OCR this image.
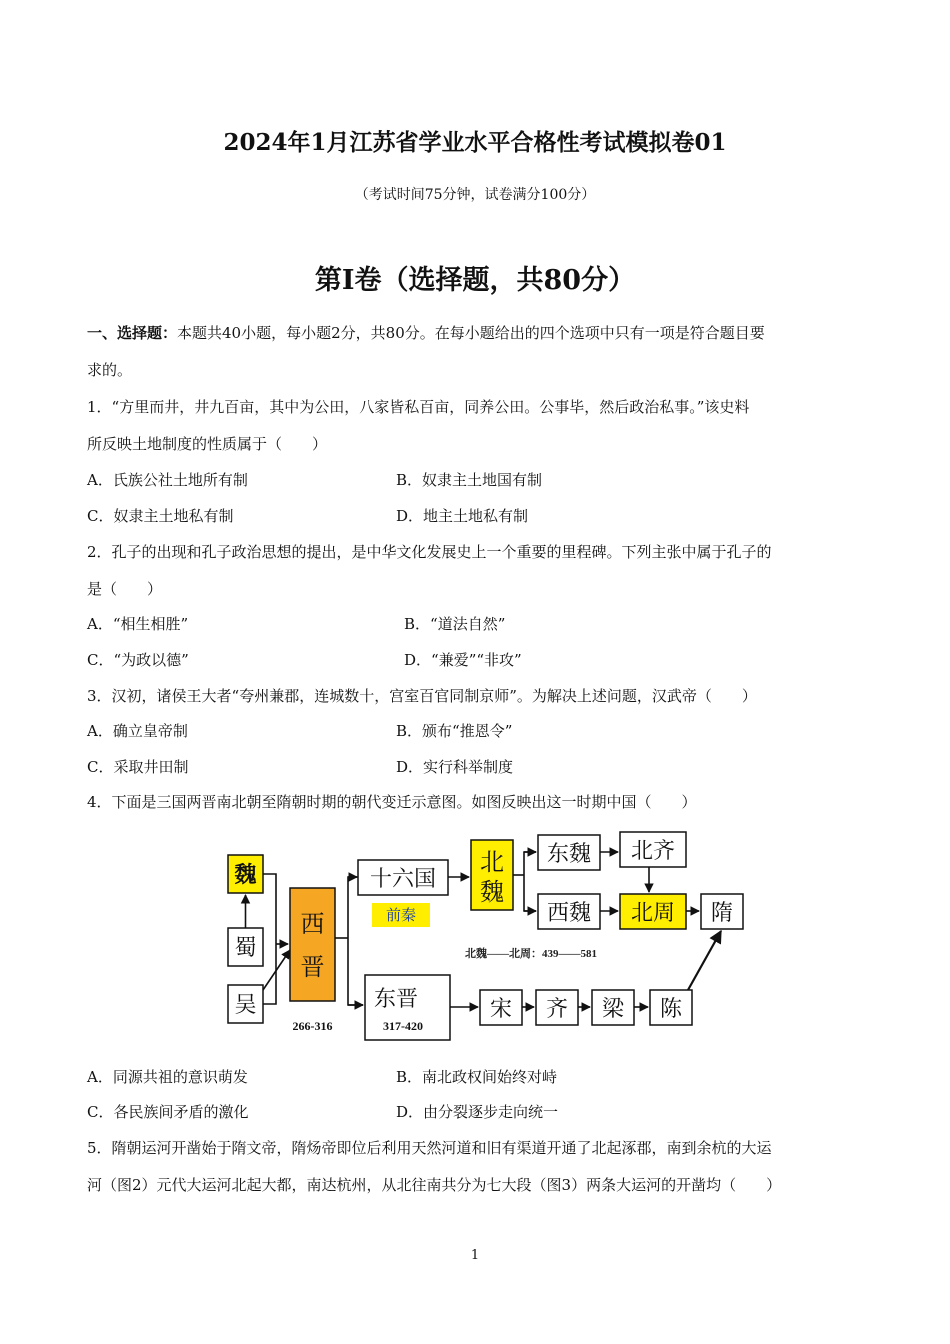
2024年1月江苏省学业水平合格性考试模拟卷01
（考试时间75分钟，试卷满分100分）
第I卷（选择题，共80分）
一、选择题：本题共40小题，每小题2分，共80分。在每小题给出的四个选项中只有一项是符合题目要
求的。
1．“方里而井，井九百亩，其中为公田，八家皆私百亩，同养公田。公事毕，然后政治私事。”该史料
所反映土地制度的性质属于（　　）
A．氏族公社土地所有制	B．奴隶主土地国有制
C．奴隶主土地私有制	D．地主土地私有制
2．孔子的出现和孔子政治思想的提出，是中华文化发展史上一个重要的里程碑。下列主张中属于孔子的
是（　　）
A．“相生相胜”	B．“道法自然”
C．“为政以德”	D．“兼爱”“非攻”
3．汉初，诸侯王大者“夸州兼郡，连城数十，宫室百官同制京师”。为解决上述问题，汉武帝（　　）
A．确立皇帝制	B．颁布“推恩令”
C．采取井田制	D．实行科举制度
4．下面是三国两晋南北朝至隋朝时期的朝代变迁示意图。如图反映出这一时期中国（　　）
魏
蜀
吴
西
晋
266-316
十六国
前秦
北
魏
东魏
西魏
北齐
北周 隋
北魏——北周：439——581
东晋
317-420
宋 齐 梁 陈
A．同源共祖的意识萌发	B．南北政权间始终对峙
C．各民族间矛盾的激化	D．由分裂逐步走向统一
5．隋朝运河开凿始于隋文帝，隋炀帝即位后利用天然河道和旧有渠道开通了北起涿郡，南到余杭的大运
河（图2）元代大运河北起大都，南达杭州，从北往南共分为七大段（图3）两条大运河的开凿均（　　）
1
